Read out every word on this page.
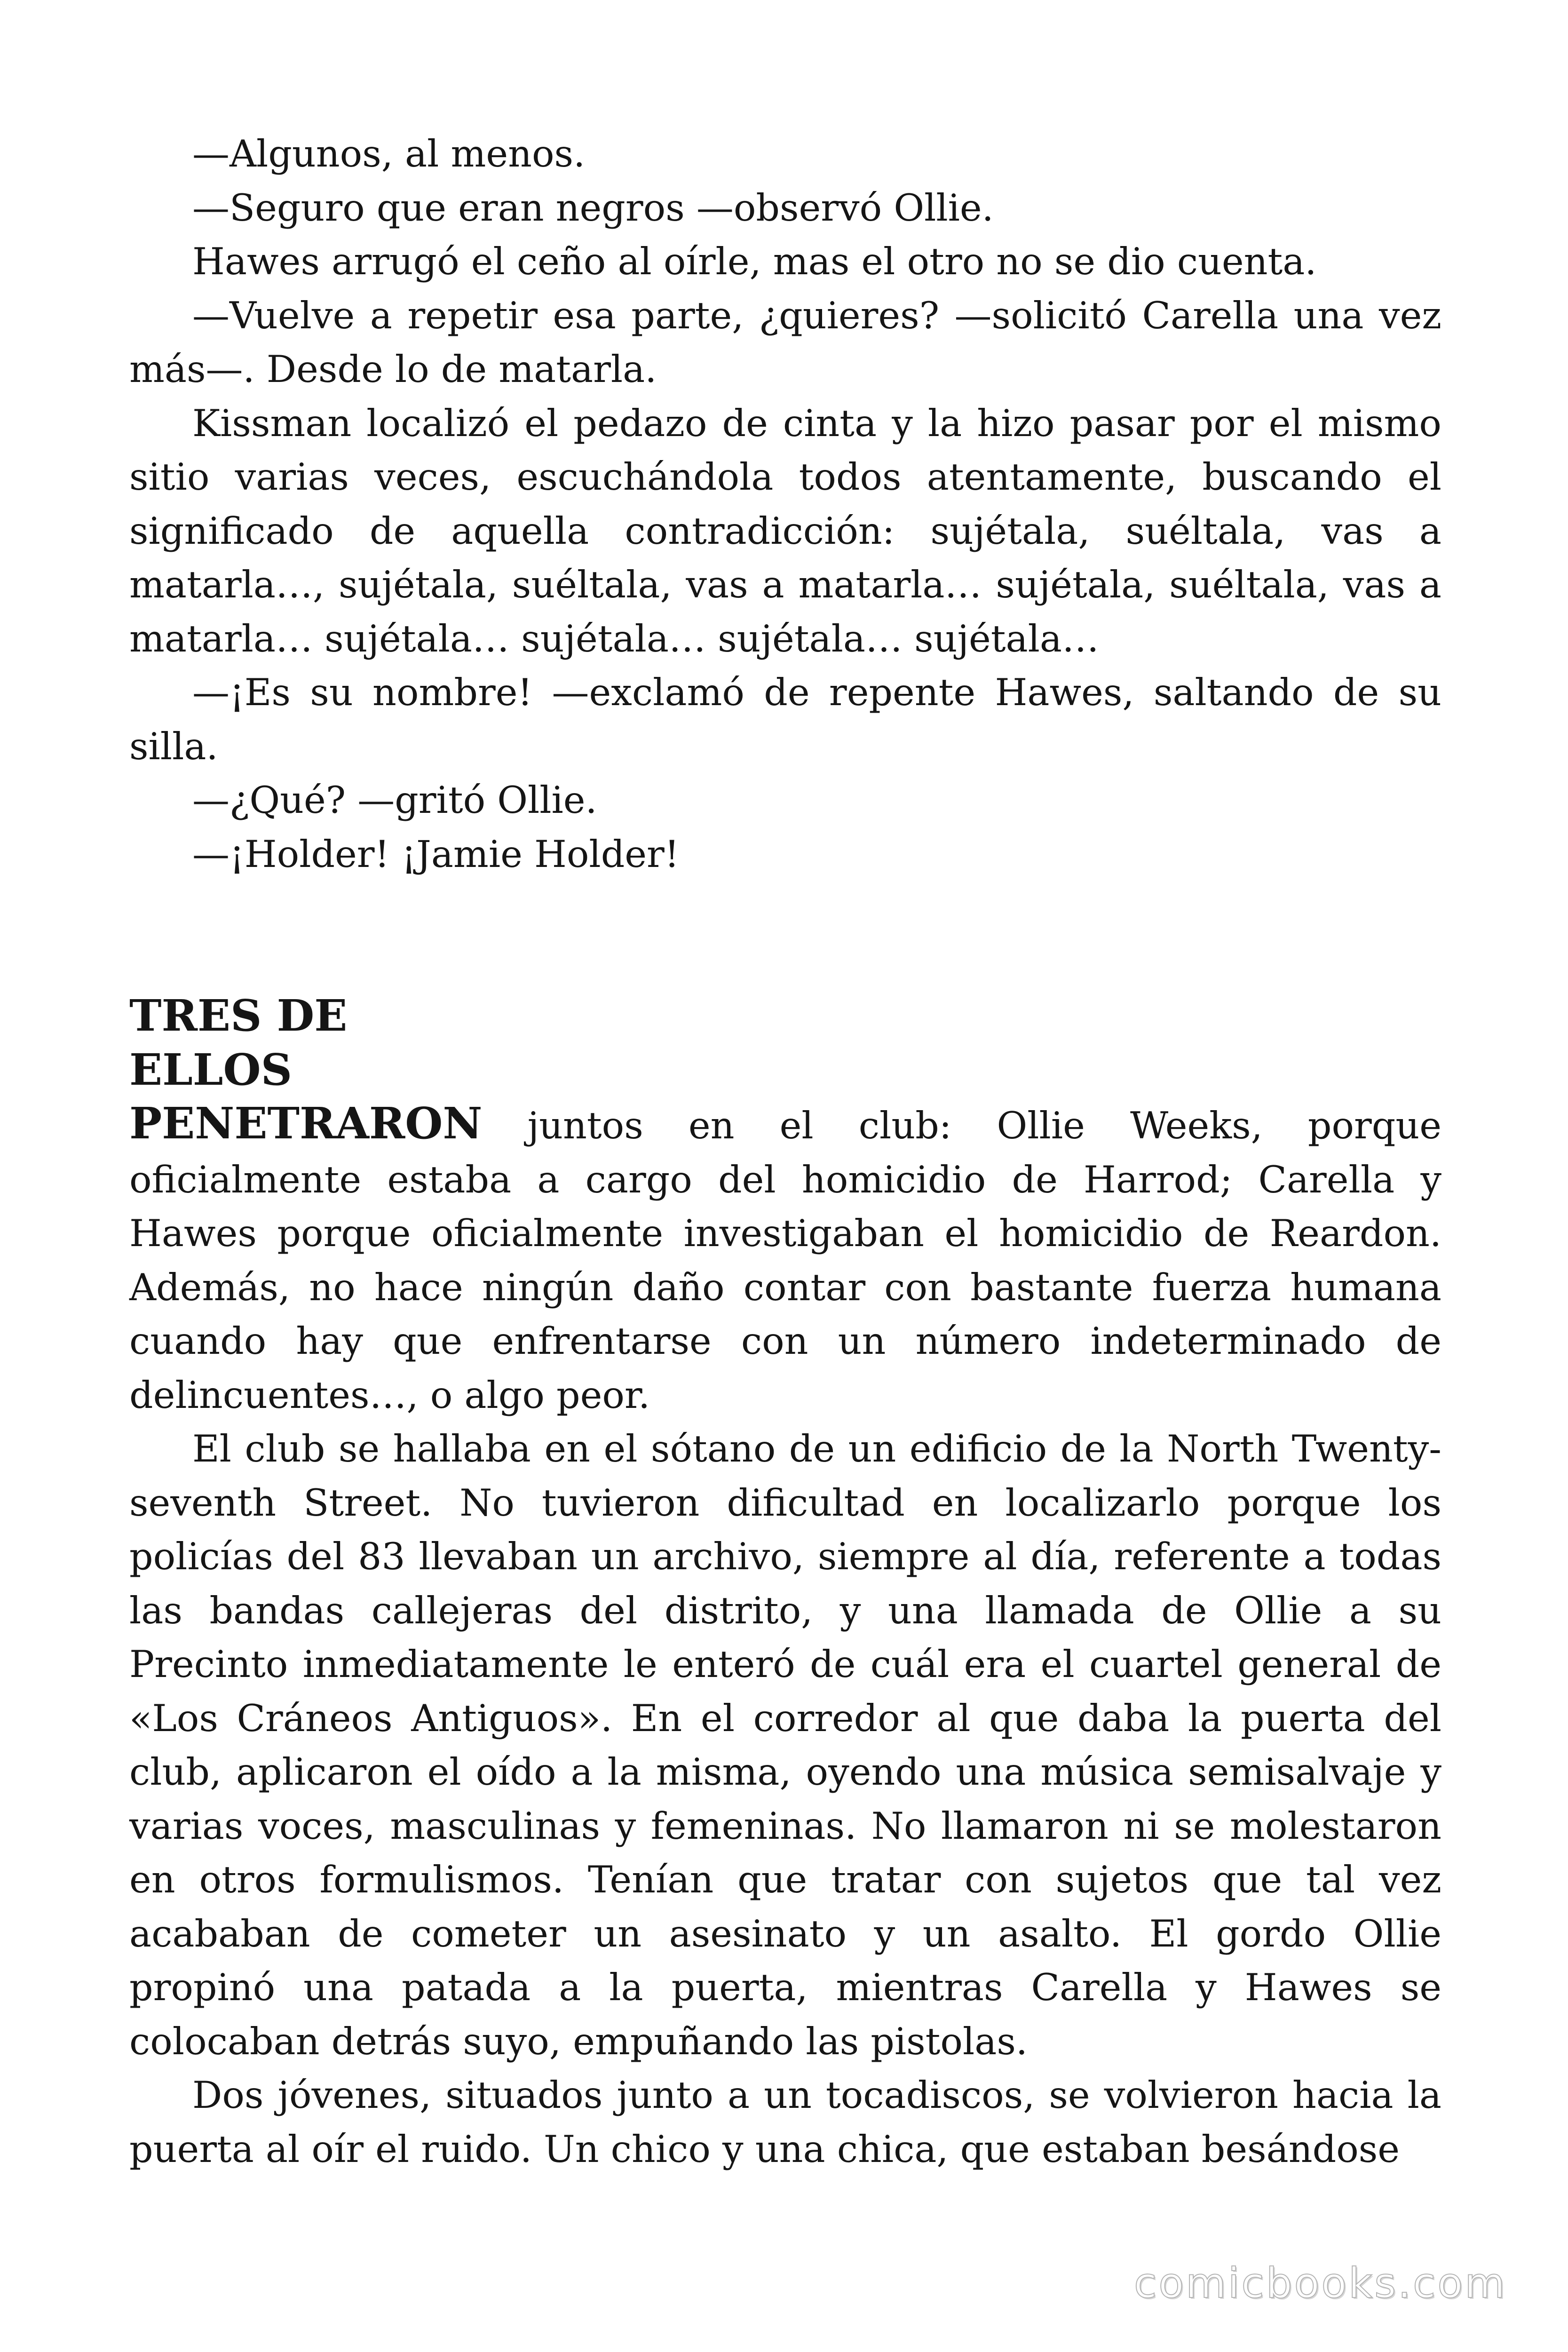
—Algunos, al menos.

—Seguro que eran negros —observó Ollie.

Hawes arrugó el ceño al oírle, mas el otro no se dio cuenta.

—Vuelve a repetir esa parte, ¿quieres? —solicitó Carella una vez más—. Desde lo de matarla.

Kissman localizó el pedazo de cinta y la hizo pasar por el mismo sitio varias veces, escuchándola todos atentamente, buscando el significado de aquella contradicción: sujétala, suéltala, vas a matarla…, sujétala, suéltala, vas a matarla… sujétala, suéltala, vas a matarla… sujétala… sujétala… sujétala… sujétala…

—¡Es su nombre! —exclamó de repente Hawes, saltando de su silla.

—¿Qué? —gritó Ollie.

—¡Holder! ¡Jamie Holder!

TRES DE
ELLOS

PENETRARON juntos en el club: Ollie Weeks, porque oficialmente estaba a cargo del homicidio de Harrod; Carella y Hawes porque oficialmente investigaban el homicidio de Reardon. Además, no hace ningún daño contar con bastante fuerza humana cuando hay que enfrentarse con un número indeterminado de delincuentes…, o algo peor.

El club se hallaba en el sótano de un edificio de la North Twenty-seventh Street. No tuvieron dificultad en localizarlo porque los policías del 83 llevaban un archivo, siempre al día, referente a todas las bandas callejeras del distrito, y una llamada de Ollie a su Precinto inmediatamente le enteró de cuál era el cuartel general de «Los Cráneos Antiguos». En el corredor al que daba la puerta del club, aplicaron el oído a la misma, oyendo una música semisalvaje y varias voces, masculinas y femeninas. No llamaron ni se molestaron en otros formulismos. Tenían que tratar con sujetos que tal vez acababan de cometer un asesinato y un asalto. El gordo Ollie propinó una patada a la puerta, mientras Carella y Hawes se colocaban detrás suyo, empuñando las pistolas.

Dos jóvenes, situados junto a un tocadiscos, se volvieron hacia la puerta al oír el ruido. Un chico y una chica, que estaban besándose

comicbooks.com
